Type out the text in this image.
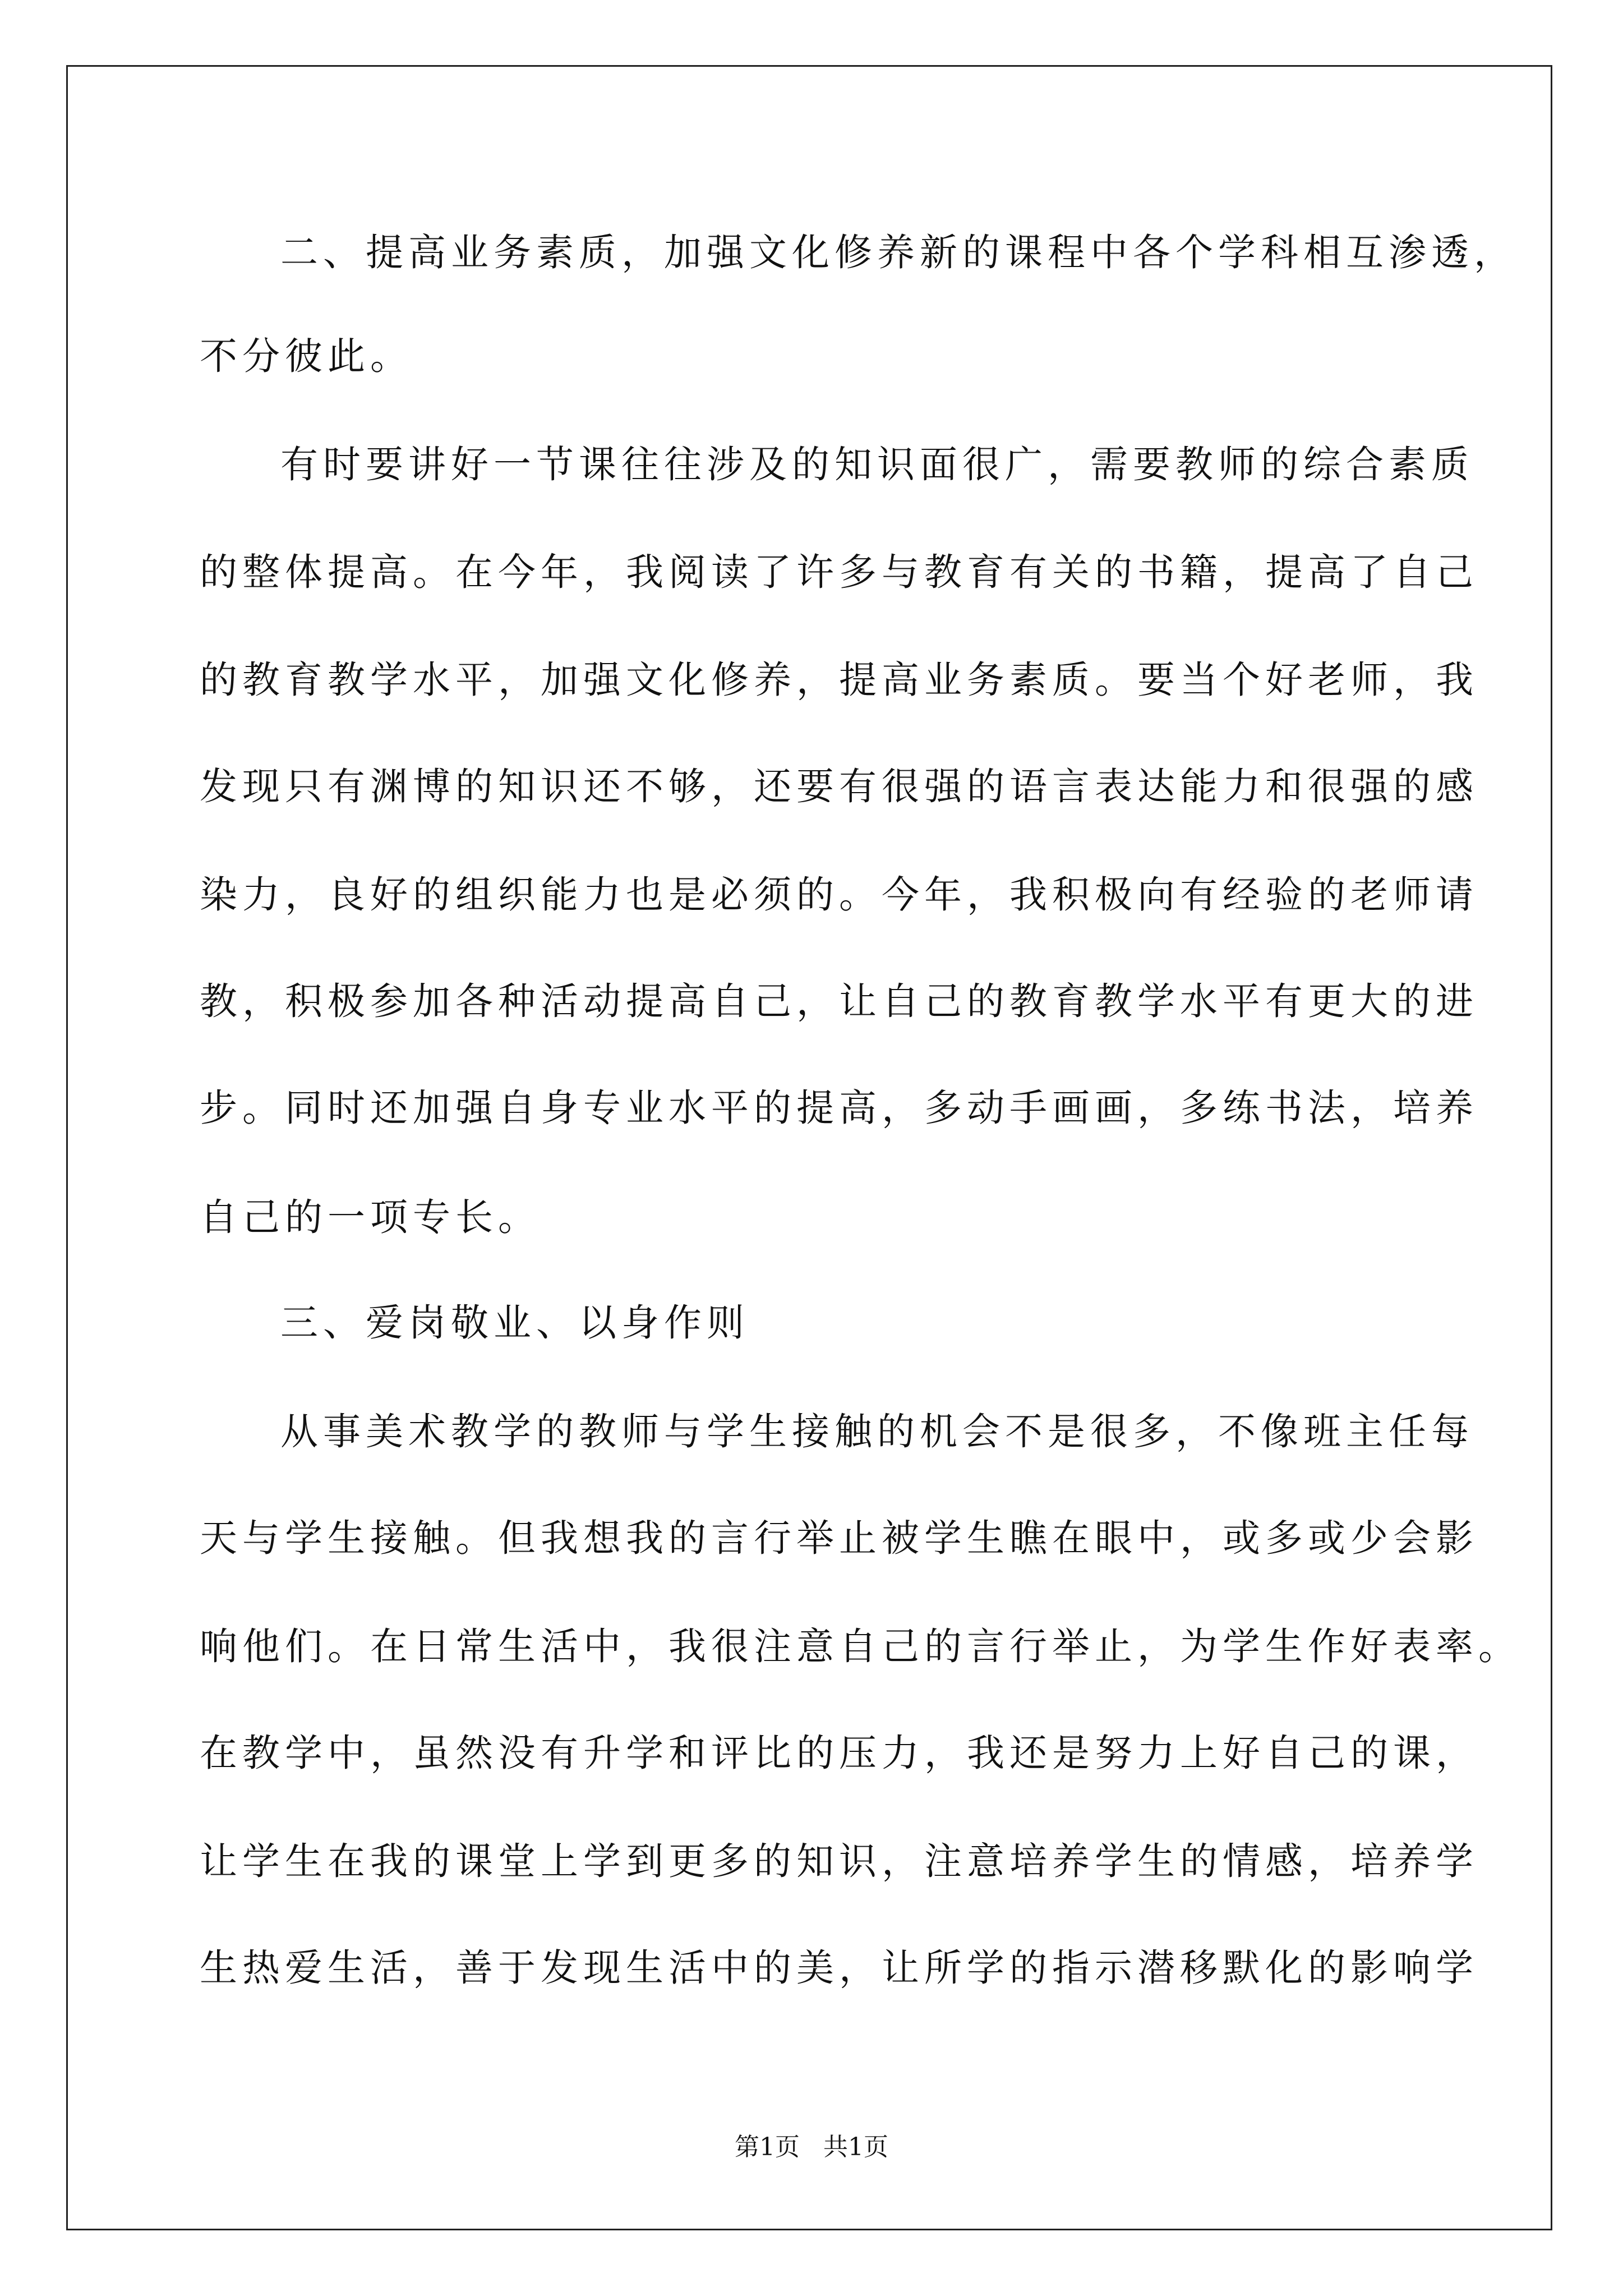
二、提高业务素质，加强文化修养新的课程中各个学科相互渗透，
不分彼此。
有时要讲好一节课往往涉及的知识面很广，需要教师的综合素质
的整体提高。在今年，我阅读了许多与教育有关的书籍，提高了自己
的教育教学水平，加强文化修养，提高业务素质。要当个好老师，我
发现只有渊博的知识还不够，还要有很强的语言表达能力和很强的感
染力，良好的组织能力也是必须的。今年，我积极向有经验的老师请
教，积极参加各种活动提高自己，让自己的教育教学水平有更大的进
步。同时还加强自身专业水平的提高，多动手画画，多练书法，培养
自己的一项专长。
三、爱岗敬业、以身作则
从事美术教学的教师与学生接触的机会不是很多，不像班主任每
天与学生接触。但我想我的言行举止被学生瞧在眼中，或多或少会影
响他们。在日常生活中，我很注意自己的言行举止，为学生作好表率。
在教学中，虽然没有升学和评比的压力，我还是努力上好自己的课，
让学生在我的课堂上学到更多的知识，注意培养学生的情感，培养学
生热爱生活，善于发现生活中的美，让所学的指示潜移默化的影响学
第1页   共1页
